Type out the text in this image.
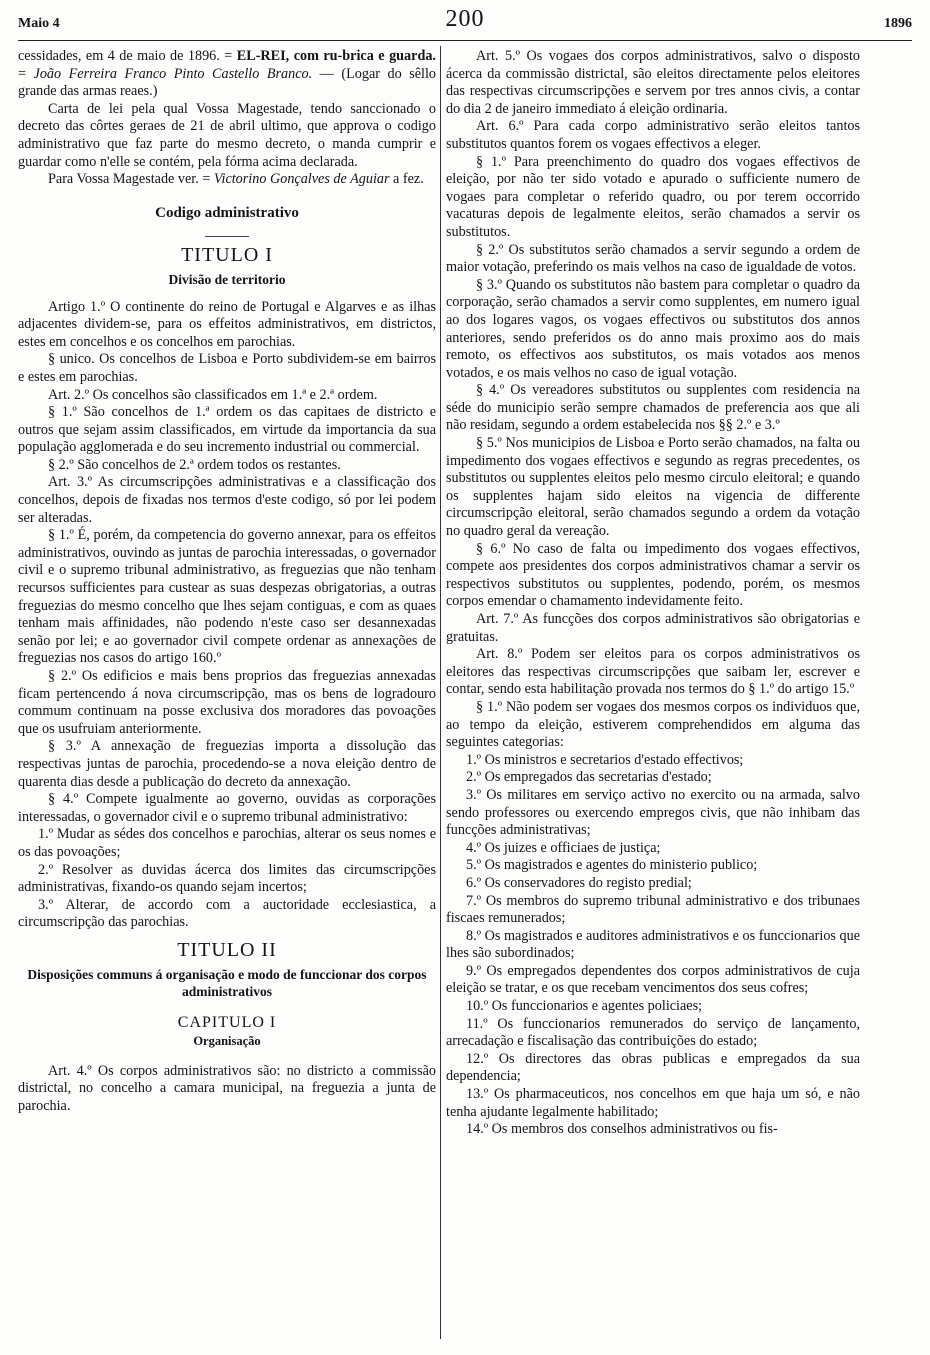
Maio 4	200	1896

cessidades, em 4 de maio de 1896. = EL-REI, com ru-brica e guarda. = João Ferreira Franco Pinto Castello Branco. — (Logar do sêllo grande das armas reaes.)

Carta de lei pela qual Vossa Magestade, tendo sanccionado o decreto das côrtes geraes de 21 de abril ultimo, que approva o codigo administrativo que faz parte do mesmo decreto, o manda cumprir e guardar como n'elle se contém, pela fórma acima declarada.

Para Vossa Magestade ver. = Victorino Gonçalves de Aguiar a fez.

Codigo administrativo
TITULO I
Divisão de territorio

Artigo 1.º O continente do reino de Portugal e Algarves e as ilhas adjacentes dividem-se, para os effeitos administrativos, em districtos, estes em concelhos e os concelhos em parochias.

§ unico. Os concelhos de Lisboa e Porto subdividem-se em bairros e estes em parochias.

Art. 2.º Os concelhos são classificados em 1.ª e 2.ª ordem.

§ 1.º São concelhos de 1.ª ordem os das capitaes de districto e outros que sejam assim classificados, em virtude da importancia da sua população agglomerada e do seu incremento industrial ou commercial.

§ 2.º São concelhos de 2.ª ordem todos os restantes.

Art. 3.º As circumscripções administrativas e a classificação dos concelhos, depois de fixadas nos termos d'este codigo, só por lei podem ser alteradas.

§ 1.º É, porém, da competencia do governo annexar, para os effeitos administrativos, ouvindo as juntas de parochia interessadas, o governador civil e o supremo tribunal administrativo, as freguezias que não tenham recursos sufficientes para custear as suas despezas obrigatorias, a outras freguezias do mesmo concelho que lhes sejam contiguas, e com as quaes tenham mais affinidades, não podendo n'este caso ser desannexadas senão por lei; e ao governador civil compete ordenar as annexações de freguezias nos casos do artigo 160.º

§ 2.º Os edificios e mais bens proprios das freguezias annexadas ficam pertencendo á nova circumscripção, mas os bens de logradouro commum continuam na posse exclusiva dos moradores das povoações que os usufruiam anteriormente.

§ 3.º A annexação de freguezias importa a dissolução das respectivas juntas de parochia, procedendo-se a nova eleição dentro de quarenta dias desde a publicação do decreto da annexação.

§ 4.º Compete igualmente ao governo, ouvidas as corporações interessadas, o governador civil e o supremo tribunal administrativo:

1.º Mudar as sédes dos concelhos e parochias, alterar os seus nomes e os das povoações;

2.º Resolver as duvidas ácerca dos limites das circumscripções administrativas, fixando-os quando sejam incertos;

3.º Alterar, de accordo com a auctoridade ecclesiastica, a circumscripção das parochias.

TITULO II
Disposições communs á organisação e modo de funccionar dos corpos administrativos
CAPITULO I
Organisação

Art. 4.º Os corpos administrativos são: no districto a commissão districtal, no concelho a camara municipal, na freguezia a junta de parochia.

Art. 5.º Os vogaes dos corpos administrativos, salvo o disposto ácerca da commissão districtal, são eleitos directamente pelos eleitores das respectivas circumscripções e servem por tres annos civis, a contar do dia 2 de janeiro immediato á eleição ordinaria.

Art. 6.º Para cada corpo administrativo serão eleitos tantos substitutos quantos forem os vogaes effectivos a eleger.

§ 1.º Para preenchimento do quadro dos vogaes effectivos de eleição, por não ter sido votado e apurado o sufficiente numero de vogaes para completar o referido quadro, ou por terem occorrido vacaturas depois de legalmente eleitos, serão chamados a servir os substitutos.

§ 2.º Os substitutos serão chamados a servir segundo a ordem de maior votação, preferindo os mais velhos na caso de igualdade de votos.

§ 3.º Quando os substitutos não bastem para completar o quadro da corporação, serão chamados a servir como supplentes, em numero igual ao dos logares vagos, os vogaes effectivos ou substitutos dos annos anteriores, sendo preferidos os do anno mais proximo aos do mais remoto, os effectivos aos substitutos, os mais votados aos menos votados, e os mais velhos no caso de igual votação.

§ 4.º Os vereadores substitutos ou supplentes com residencia na séde do municipio serão sempre chamados de preferencia aos que ali não residam, segundo a ordem estabelecida nos §§ 2.º e 3.º

§ 5.º Nos municipios de Lisboa e Porto serão chamados, na falta ou impedimento dos vogaes effectivos e segundo as regras precedentes, os substitutos ou supplentes eleitos pelo mesmo circulo eleitoral; e quando os supplentes hajam sido eleitos na vigencia de differente circumscripção eleitoral, serão chamados segundo a ordem da votação no quadro geral da vereação.

§ 6.º No caso de falta ou impedimento dos vogaes effectivos, compete aos presidentes dos corpos administrativos chamar a servir os respectivos substitutos ou supplentes, podendo, porém, os mesmos corpos emendar o chamamento indevidamente feito.

Art. 7.º As funcções dos corpos administrativos são obrigatorias e gratuitas.

Art. 8.º Podem ser eleitos para os corpos administrativos os eleitores das respectivas circumscripções que saibam ler, escrever e contar, sendo esta habilitação provada nos termos do § 1.º do artigo 15.º

§ 1.º Não podem ser vogaes dos mesmos corpos os individuos que, ao tempo da eleição, estiverem comprehendidos em alguma das seguintes categorias:

1.º Os ministros e secretarios d'estado effectivos;

2.º Os empregados das secretarias d'estado;

3.º Os militares em serviço activo no exercito ou na armada, salvo sendo professores ou exercendo empregos civis, que não inhibam das funcções administrativas;

4.º Os juizes e officiaes de justiça;

5.º Os magistrados e agentes do ministerio publico;

6.º Os conservadores do registo predial;

7.º Os membros do supremo tribunal administrativo e dos tribunaes fiscaes remunerados;

8.º Os magistrados e auditores administrativos e os funccionarios que lhes são subordinados;

9.º Os empregados dependentes dos corpos administrativos de cuja eleição se tratar, e os que recebam vencimentos dos seus cofres;

10.º Os funccionarios e agentes policiaes;

11.º Os funccionarios remunerados do serviço de lançamento, arrecadação e fiscalisação das contribuições do estado;

12.º Os directores das obras publicas e empregados da sua dependencia;

13.º Os pharmaceuticos, nos concelhos em que haja um só, e não tenha ajudante legalmente habilitado;

14.º Os membros dos conselhos administrativos ou fis-
